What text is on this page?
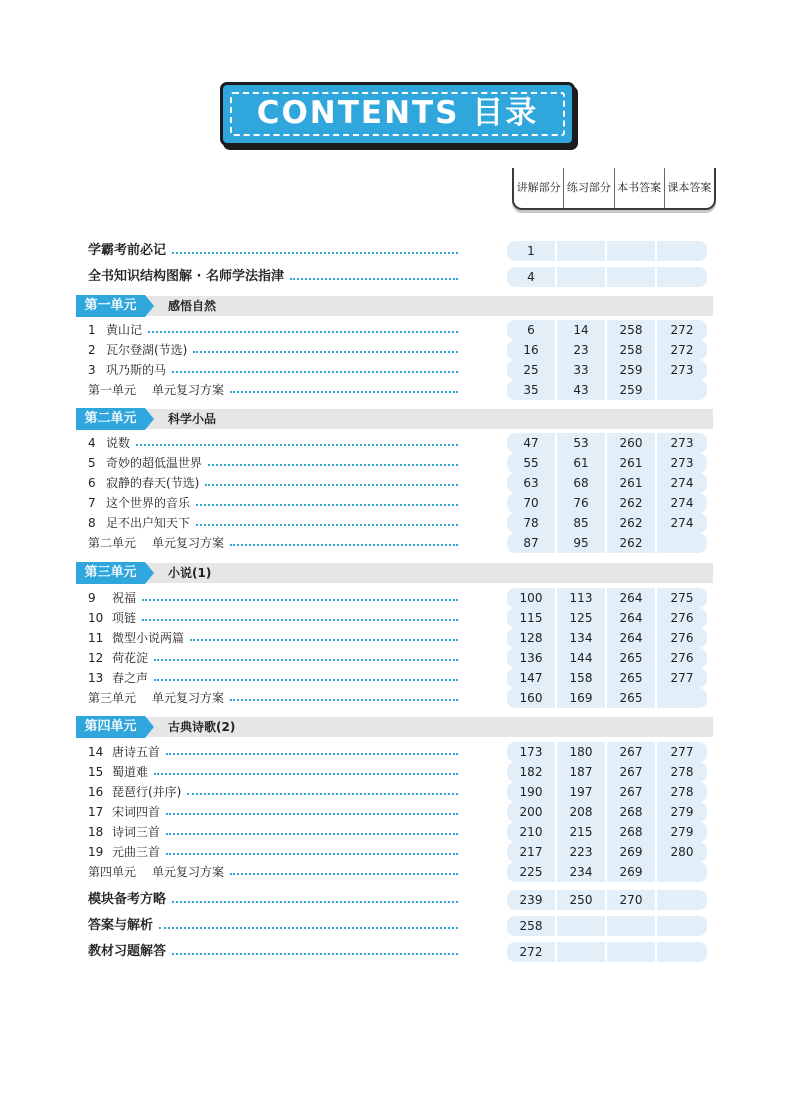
CONTENTS 目录
讲解部分 练习部分 本书答案 课本答案
学霸考前必记	1
全书知识结构图解 · 名师学法指津	4
第一单元	感悟自然
1 黄山记	6	14	258	272
2 瓦尔登湖(节选)	16	23	258	272
3 巩乃斯的马	25	33	259	273
第一单元 单元复习方案	35	43	259
第二单元	科学小品
4 说数	47	53	260	273
5 奇妙的超低温世界	55	61	261	273
6 寂静的春天(节选)	63	68	261	274
7 这个世界的音乐	70	76	262	274
8 足不出户知天下	78	85	262	274
第二单元 单元复习方案	87	95	262
第三单元	小说(1)
9 祝福	100	113	264	275
10 项链	115	125	264	276
11 微型小说两篇	128	134	264	276
12 荷花淀	136	144	265	276
13 春之声	147	158	265	277
第三单元 单元复习方案	160	169	265
第四单元	古典诗歌(2)
14 唐诗五首	173	180	267	277
15 蜀道难	182	187	267	278
16 琵琶行(并序)	190	197	267	278
17 宋词四首	200	208	268	279
18 诗词三首	210	215	268	279
19 元曲三首	217	223	269	280
第四单元 单元复习方案	225	234	269
模块备考方略	239	250	270
答案与解析	258
教材习题解答	272
